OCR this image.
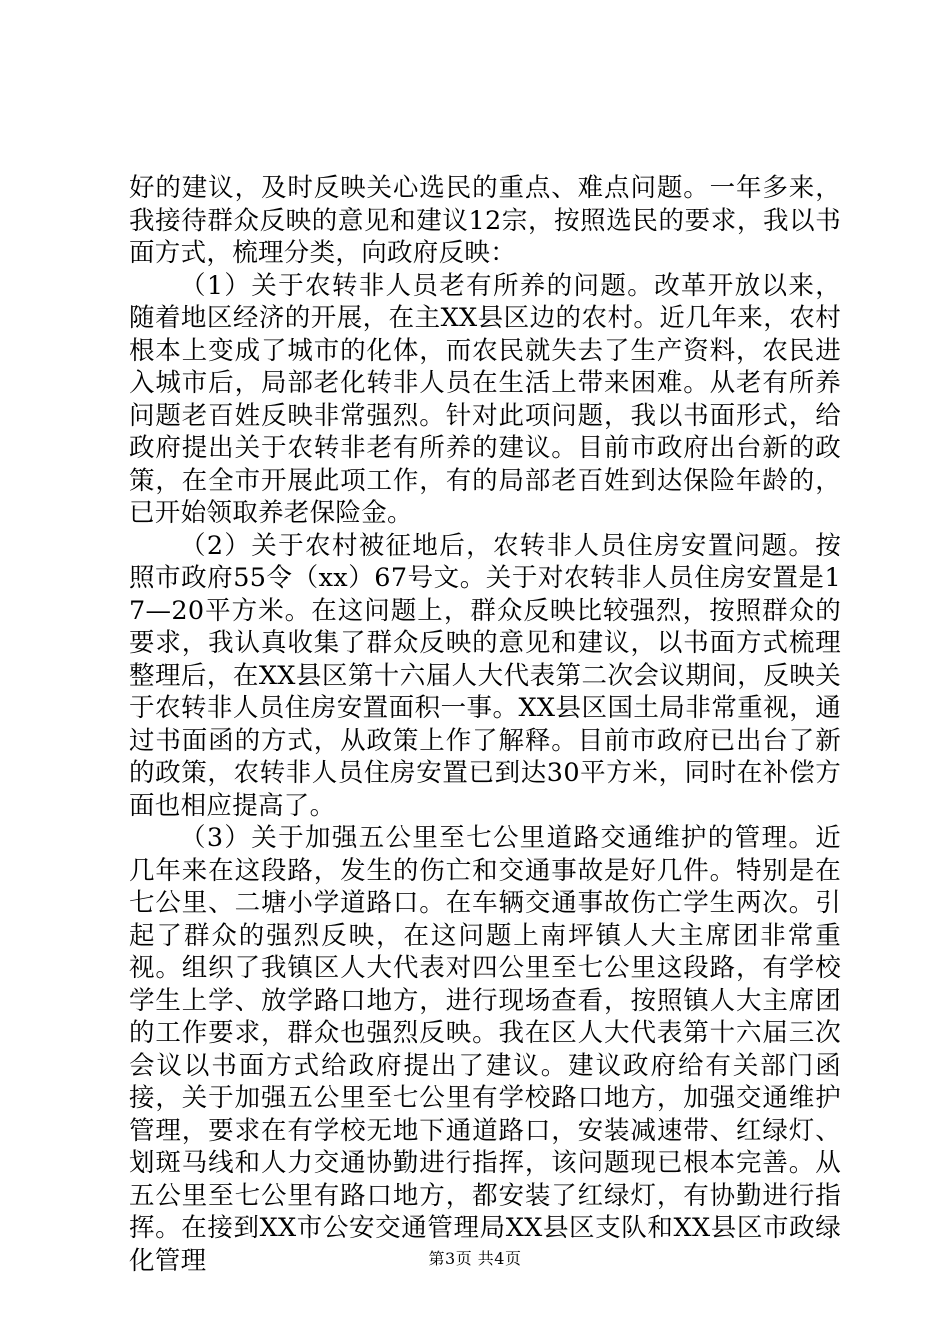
好的建议，及时反映关心选民的重点、难点问题。一年多来，我接待群众反映的意见和建议12宗，按照选民的要求，我以书面方式，梳理分类，向政府反映：

（1）关于农转非人员老有所养的问题。改革开放以来，随着地区经济的开展，在主XX县区边的农村。近几年来，农村根本上变成了城市的化体，而农民就失去了生产资料，农民进入城市后，局部老化转非人员在生活上带来困难。从老有所养问题老百姓反映非常强烈。针对此项问题，我以书面形式，给政府提出关于农转非老有所养的建议。目前市政府出台新的政策，在全市开展此项工作，有的局部老百姓到达保险年龄的，已开始领取养老保险金。

（2）关于农村被征地后，农转非人员住房安置问题。按照市政府55令（xx）67号文。关于对农转非人员住房安置是17—20平方米。在这问题上，群众反映比较强烈，按照群众的要求，我认真收集了群众反映的意见和建议，以书面方式梳理整理后，在XX县区第十六届人大代表第二次会议期间，反映关于农转非人员住房安置面积一事。XX县区国土局非常重视，通过书面函的方式，从政策上作了解释。目前市政府已出台了新的政策，农转非人员住房安置已到达30平方米，同时在补偿方面也相应提高了。

（3）关于加强五公里至七公里道路交通维护的管理。近几年来在这段路，发生的伤亡和交通事故是好几件。特别是在七公里、二塘小学道路口。在车辆交通事故伤亡学生两次。引起了群众的强烈反映，在这问题上南坪镇人大主席团非常重视。组织了我镇区人大代表对四公里至七公里这段路，有学校学生上学、放学路口地方，进行现场查看，按照镇人大主席团的工作要求，群众也强烈反映。我在区人大代表第十六届三次会议以书面方式给政府提出了建议。建议政府给有关部门函接，关于加强五公里至七公里有学校路口地方，加强交通维护管理，要求在有学校无地下通道路口，安装减速带、红绿灯、划斑马线和人力交通协勤进行指挥，该问题现已根本完善。从五公里至七公里有路口地方，都安装了红绿灯，有协勤进行指挥。在接到XX市公安交通管理局XX县区支队和XX县区市政绿化管理	第3页 共4页
